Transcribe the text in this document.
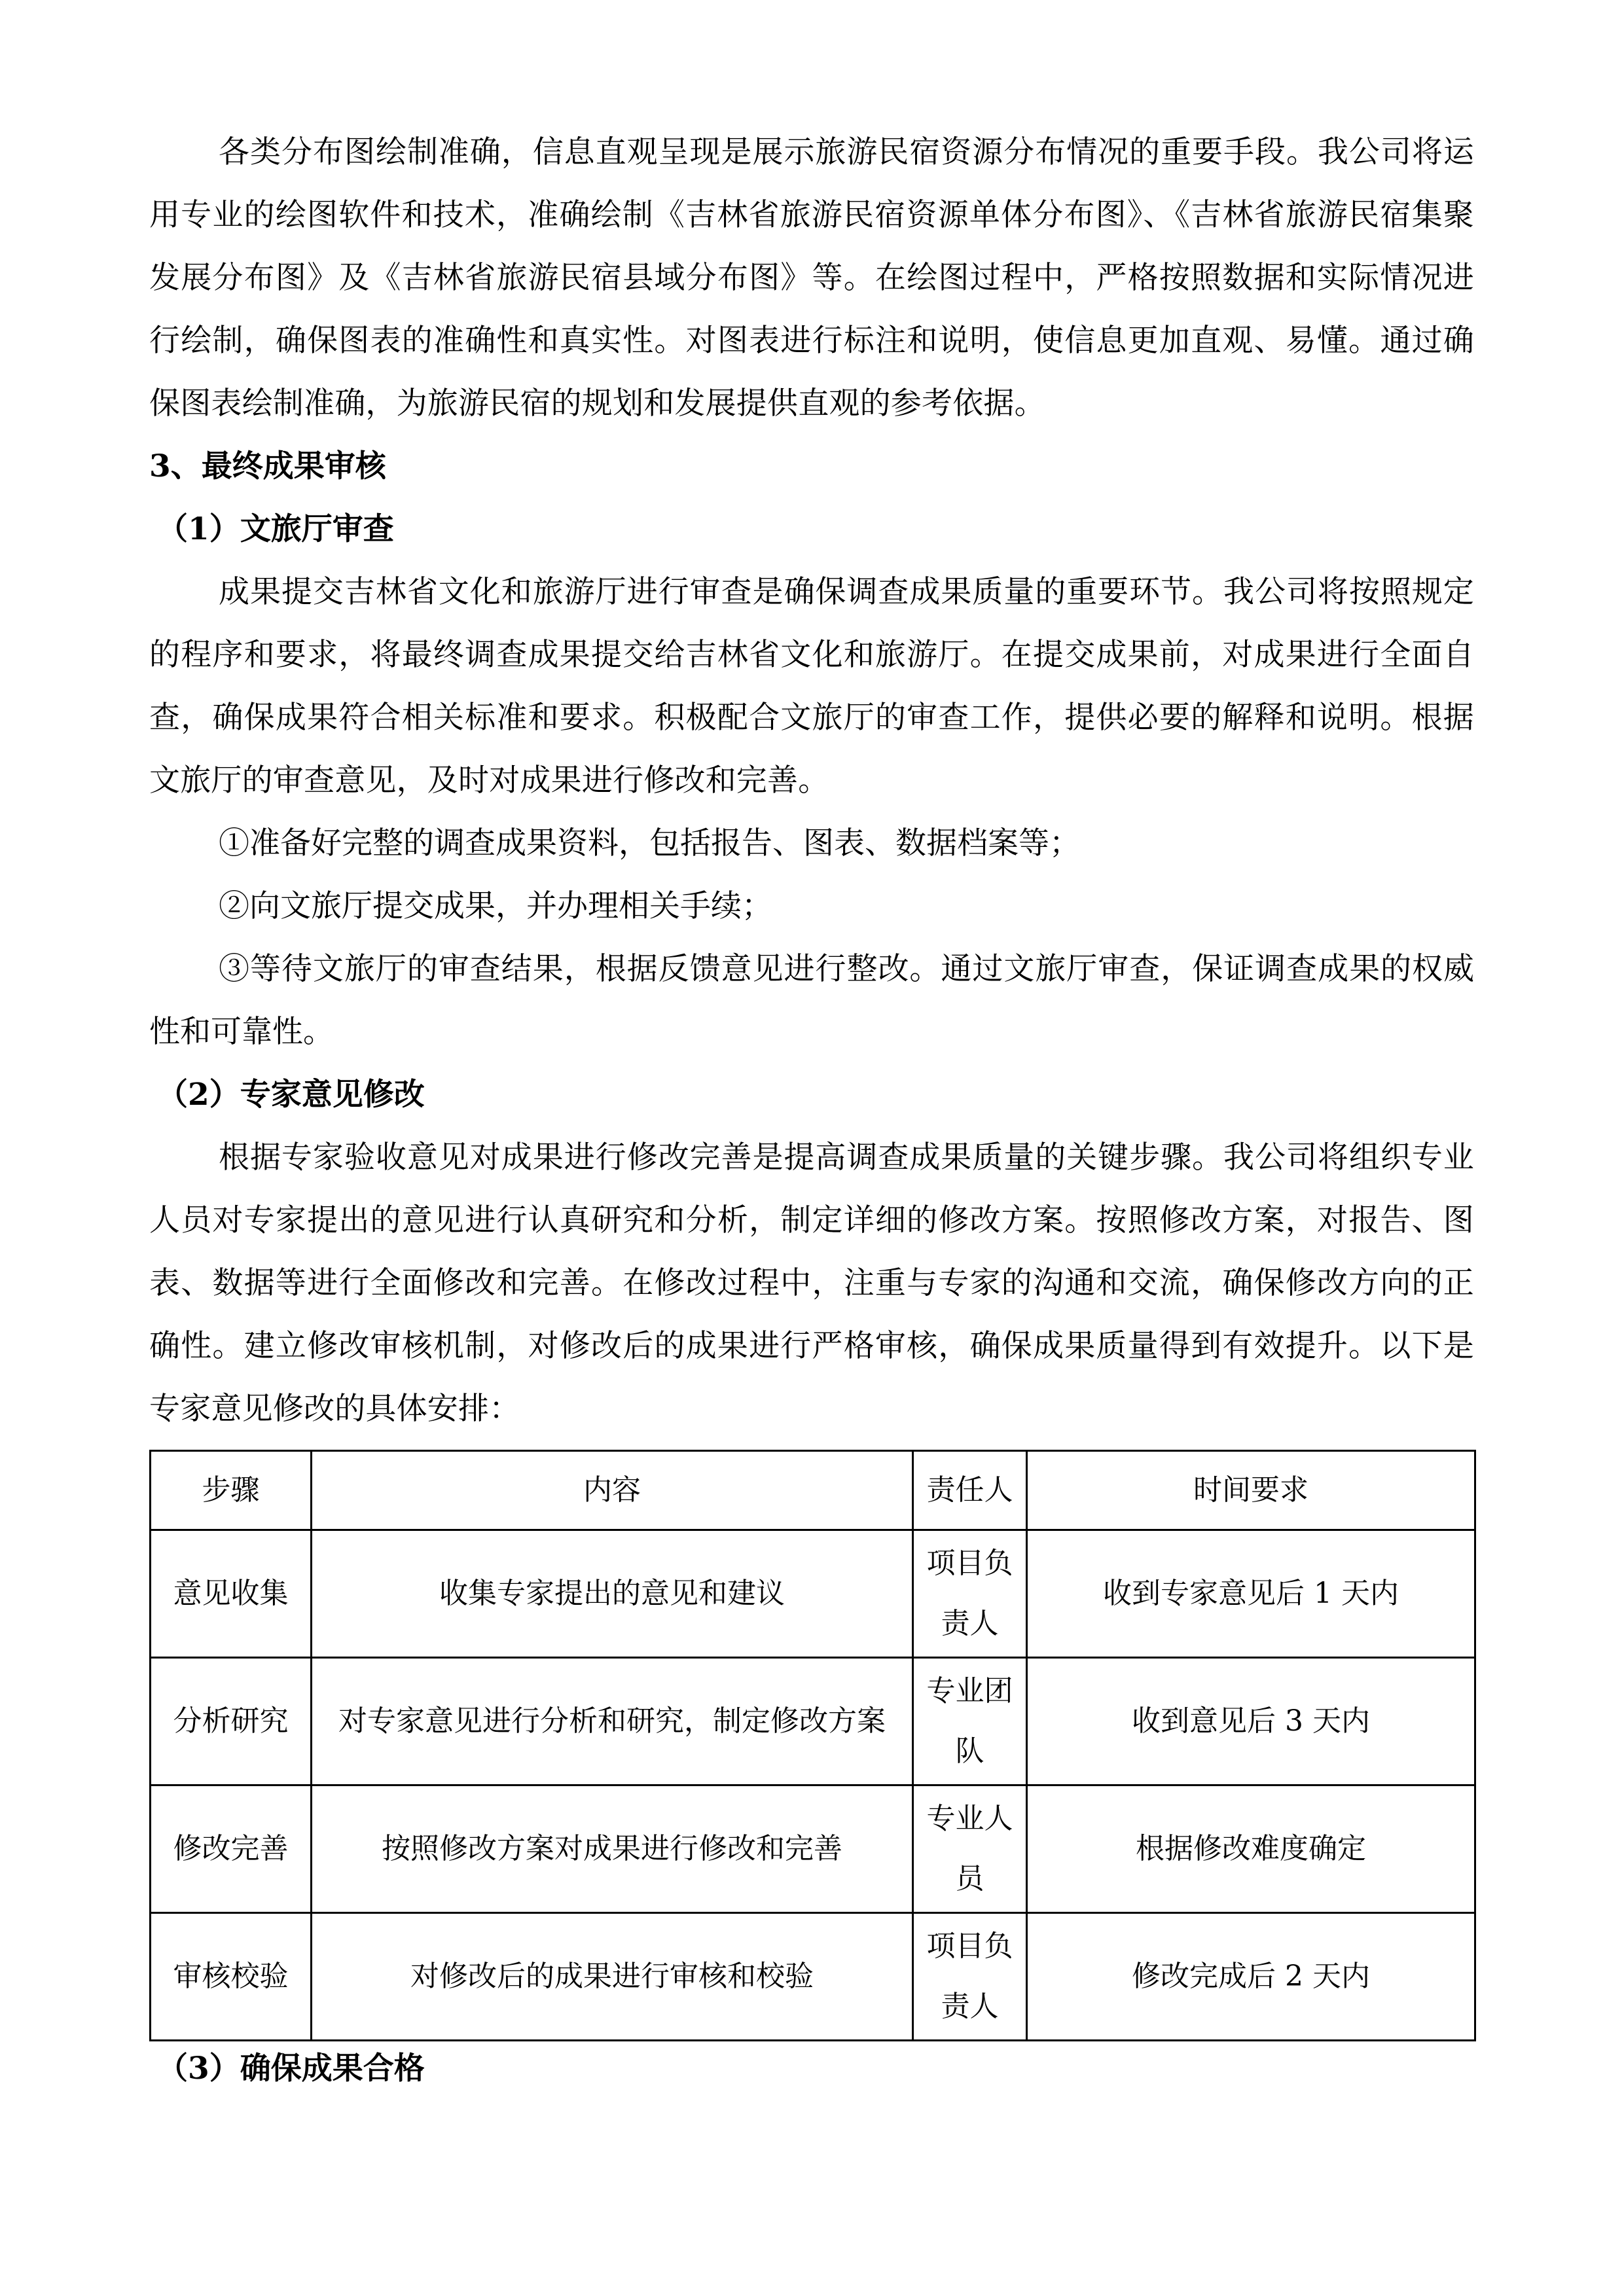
各类分布图绘制准确，信息直观呈现是展示旅游民宿资源分布情况的重要手段。我公司将运用专业的绘图软件和技术，准确绘制《吉林省旅游民宿资源单体分布图》、《吉林省旅游民宿集聚发展分布图》及《吉林省旅游民宿县域分布图》等。在绘图过程中，严格按照数据和实际情况进行绘制，确保图表的准确性和真实性。对图表进行标注和说明，使信息更加直观、易懂。通过确保图表绘制准确，为旅游民宿的规划和发展提供直观的参考依据。

3、最终成果审核

（1）文旅厅审查

成果提交吉林省文化和旅游厅进行审查是确保调查成果质量的重要环节。我公司将按照规定的程序和要求，将最终调查成果提交给吉林省文化和旅游厅。在提交成果前，对成果进行全面自查，确保成果符合相关标准和要求。积极配合文旅厅的审查工作，提供必要的解释和说明。根据文旅厅的审查意见，及时对成果进行修改和完善。

①准备好完整的调查成果资料，包括报告、图表、数据档案等；

②向文旅厅提交成果，并办理相关手续；

③等待文旅厅的审查结果，根据反馈意见进行整改。通过文旅厅审查，保证调查成果的权威性和可靠性。

（2）专家意见修改

根据专家验收意见对成果进行修改完善是提高调查成果质量的关键步骤。我公司将组织专业人员对专家提出的意见进行认真研究和分析，制定详细的修改方案。按照修改方案，对报告、图表、数据等进行全面修改和完善。在修改过程中，注重与专家的沟通和交流，确保修改方向的正确性。建立修改审核机制，对修改后的成果进行严格审核，确保成果质量得到有效提升。以下是专家意见修改的具体安排：

步骤	内容	责任人	时间要求
意见收集	收集专家提出的意见和建议	项目负责人	收到专家意见后 1 天内
分析研究	对专家意见进行分析和研究，制定修改方案	专业团队	收到意见后 3 天内
修改完善	按照修改方案对成果进行修改和完善	专业人员	根据修改难度确定
审核校验	对修改后的成果进行审核和校验	项目负责人	修改完成后 2 天内

（3）确保成果合格
